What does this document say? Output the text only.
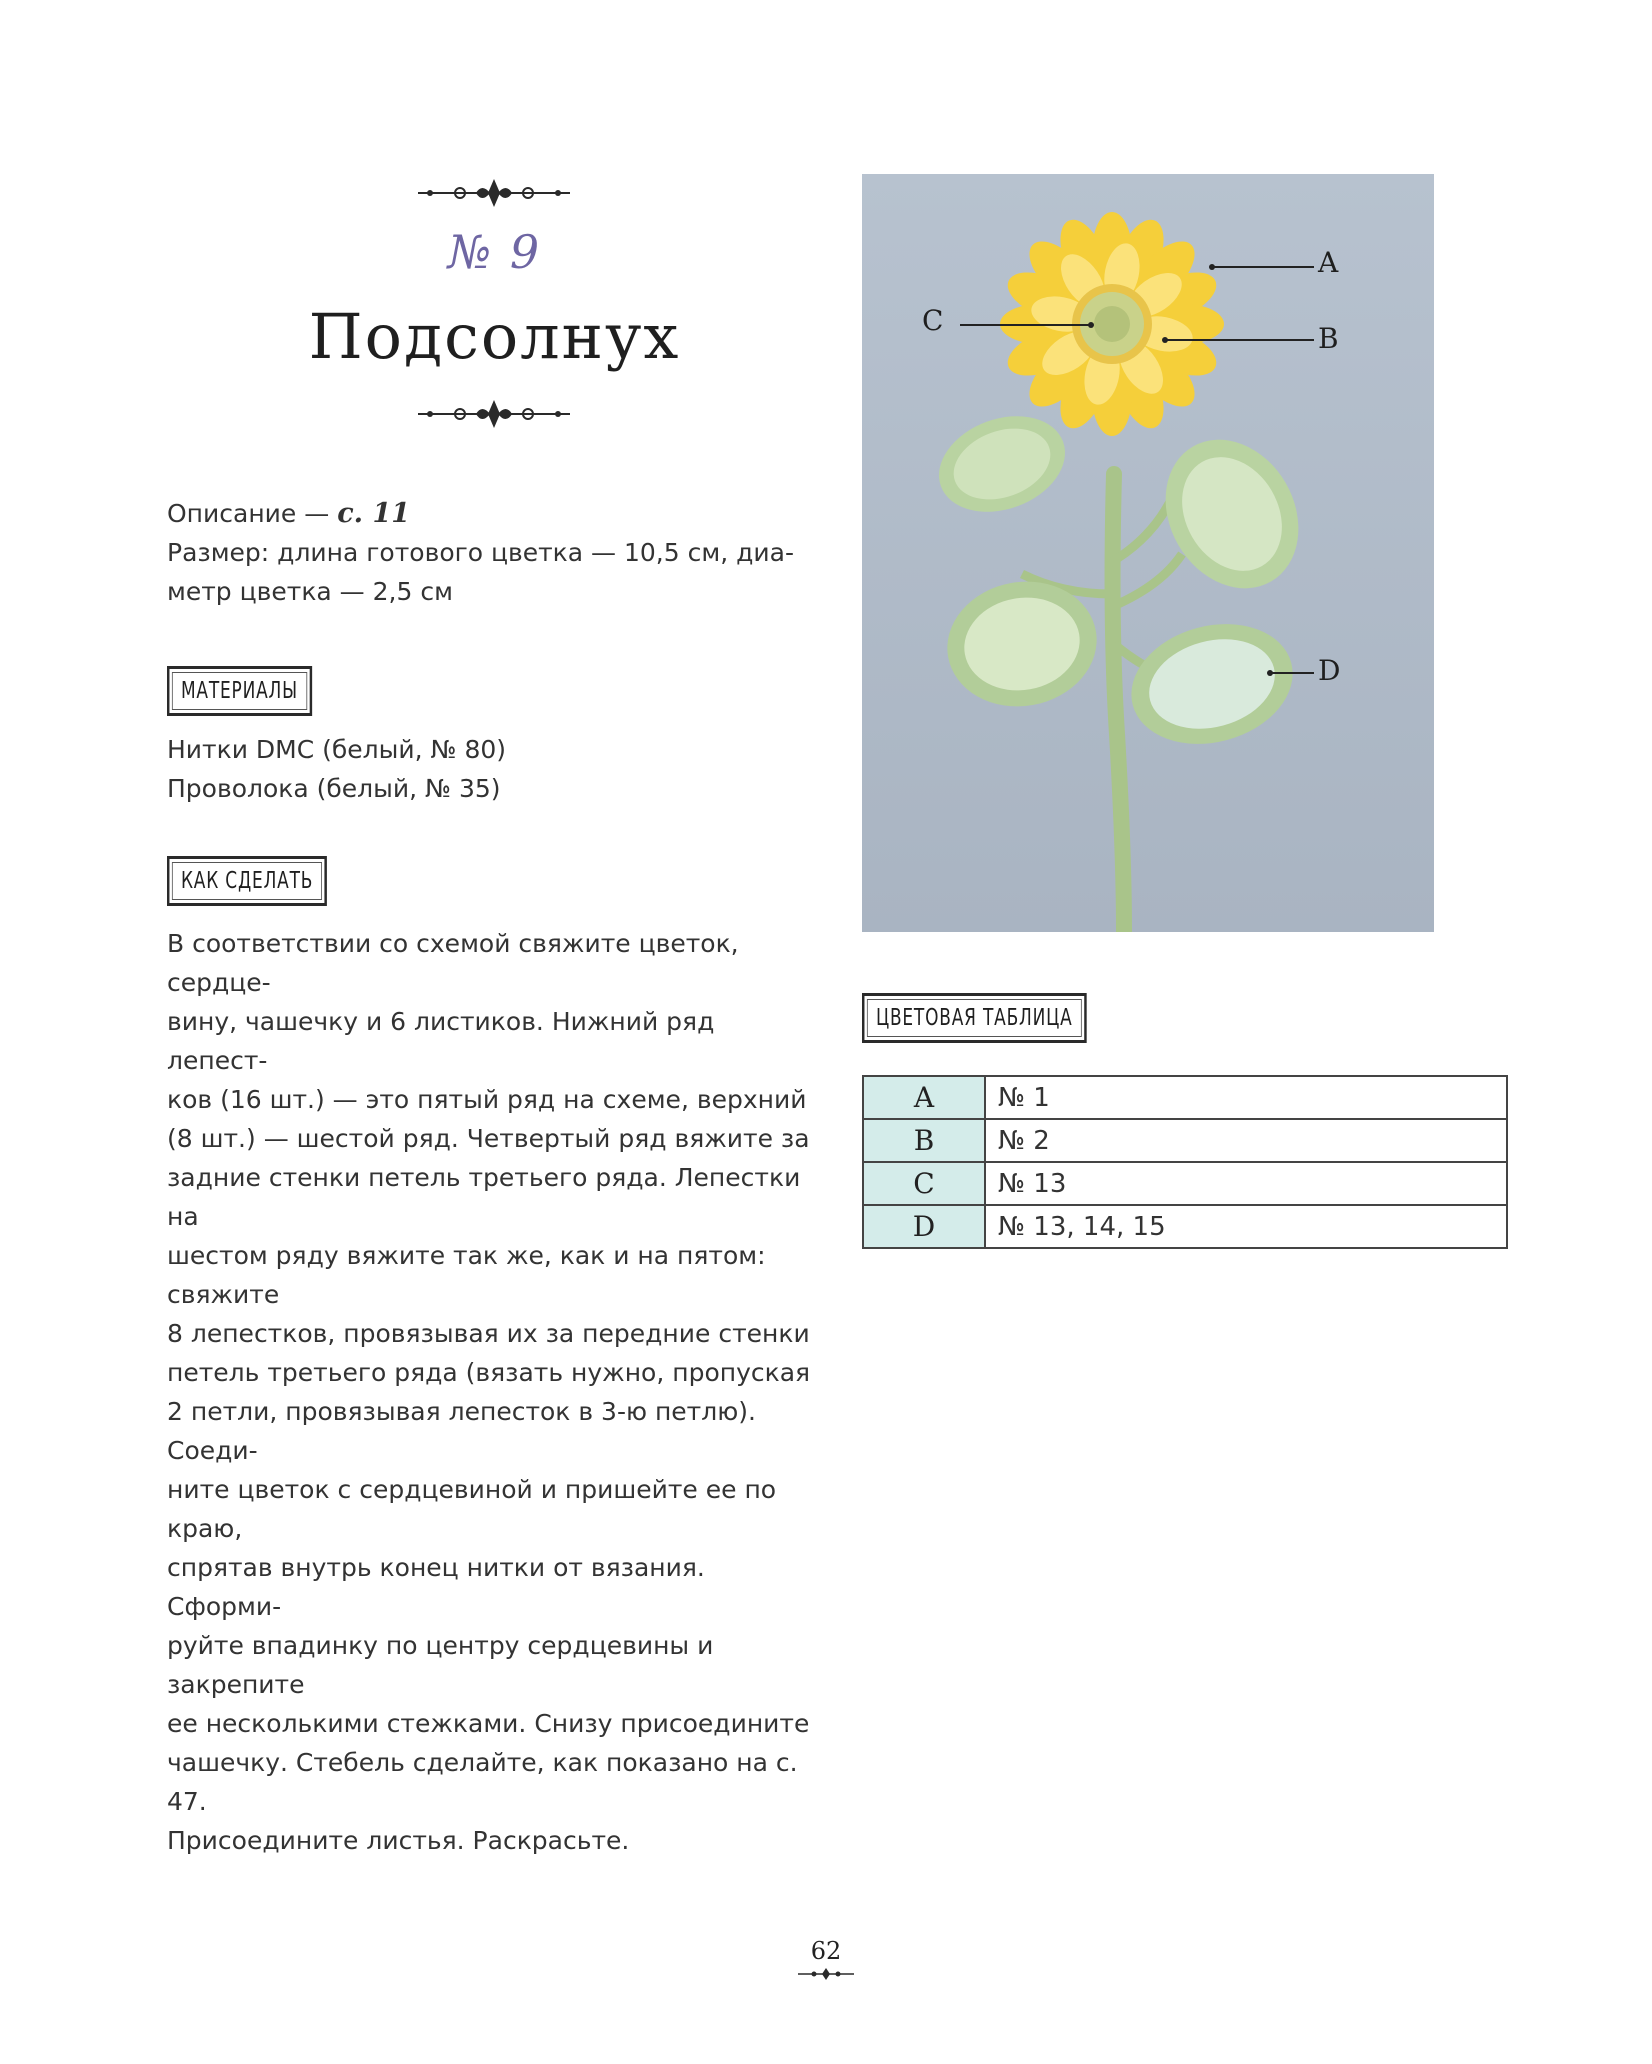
№ 9
Подсолнух
Описание — с. 11
Размер: длина готового цветка — 10,5 см, диа-
метр цветка — 2,5 см
МАТЕРИАЛЫ
Нитки DMC (белый, № 80)
Проволока (белый, № 35)
КАК СДЕЛАТЬ

В соответствии со схемой свяжите цветок, сердце-

вину, чашечку и 6 листиков. Нижний ряд лепест-

ков (16 шт.) — это пятый ряд на схеме, верхний

(8 шт.) — шестой ряд. Четвертый ряд вяжите за

задние стенки петель третьего ряда. Лепестки на

шестом ряду вяжите так же, как и на пятом: свяжите

8 лепестков, провязывая их за передние стенки

петель третьего ряда (вязать нужно, пропуская

2 петли, провязывая лепесток в 3-ю петлю). Соеди-

ните цветок с сердцевиной и пришейте ее по краю,

спрятав внутрь конец нитки от вязания. Сформи-

руйте впадинку по центру сердцевины и закрепите

ее несколькими стежками. Снизу присоедините

чашечку. Стебель сделайте, как показано на с. 47.

Присоедините листья. Раскрасьте.

A
C
B
D
ЦВЕТОВАЯ ТАБЛИЦА
A	№ 1
B	№ 2
C	№ 13
D	№ 13, 14, 15
62
